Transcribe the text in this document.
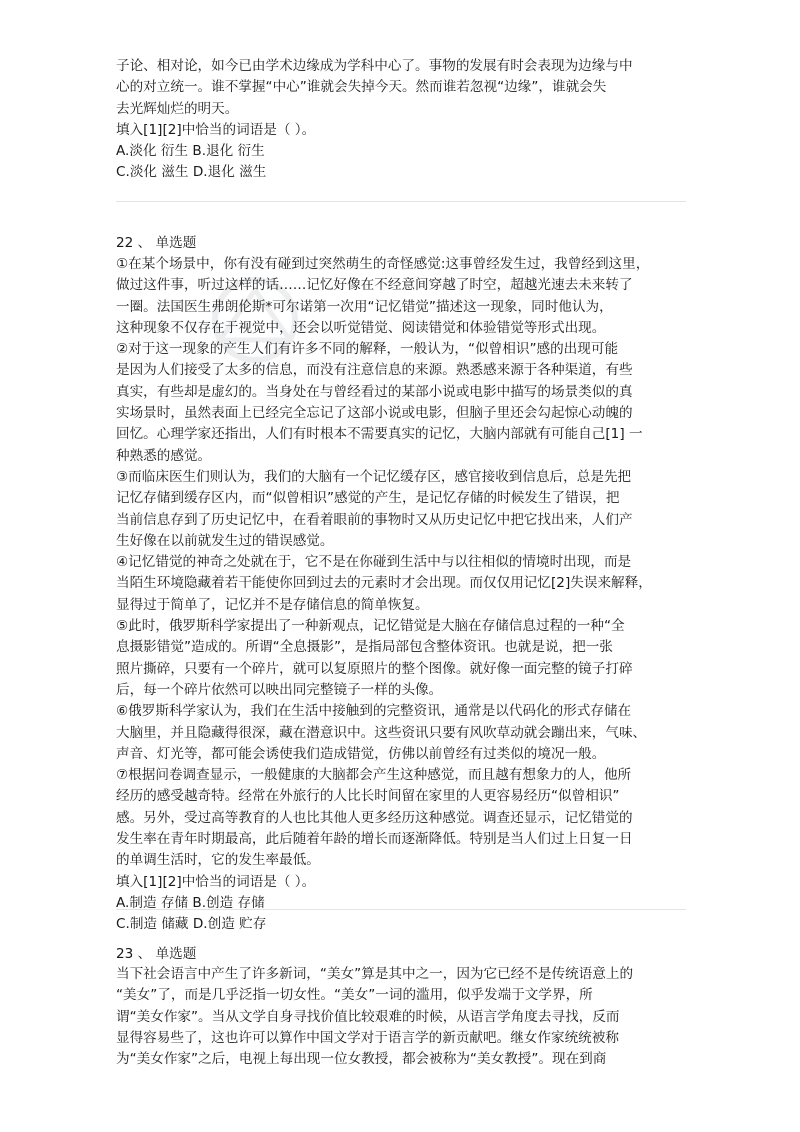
子论、相对论，如今已由学术边缘成为学科中心了。事物的发展有时会表现为边缘与中
心的对立统一。谁不掌握“中心”谁就会失掉今天。然而谁若忽视“边缘”，谁就会失
去光辉灿烂的明天。
填入[1][2]中恰当的词语是（ ）。
A.淡化 衍生 B.退化 衍生
C.淡化 滋生 D.退化 滋生
22 、 单选题
①在某个场景中，你有没有碰到过突然萌生的奇怪感觉:这事曾经发生过，我曾经到这里，
做过这件事，听过这样的话……记忆好像在不经意间穿越了时空，超越光速去未来转了
一圈。法国医生弗朗伦斯*可尔诺第一次用“记忆错觉”描述这一现象，同时他认为，
这种现象不仅存在于视觉中，还会以听觉错觉、阅读错觉和体验错觉等形式出现。
②对于这一现象的产生人们有许多不同的解释，一般认为，“似曾相识”感的出现可能
是因为人们接受了太多的信息，而没有注意信息的来源。熟悉感来源于各种渠道，有些
真实，有些却是虚幻的。当身处在与曾经看过的某部小说或电影中描写的场景类似的真
实场景时，虽然表面上已经完全忘记了这部小说或电影，但脑子里还会勾起惊心动魄的
回忆。心理学家还指出，人们有时根本不需要真实的记忆，大脑内部就有可能自己[1] 一
种熟悉的感觉。
③而临床医生们则认为，我们的大脑有一个记忆缓存区，感官接收到信息后，总是先把
记忆存储到缓存区内，而“似曾相识”感觉的产生，是记忆存储的时候发生了错误，把
当前信息存到了历史记忆中，在看着眼前的事物时又从历史记忆中把它找出来，人们产
生好像在以前就发生过的错误感觉。
④记忆错觉的神奇之处就在于，它不是在你碰到生活中与以往相似的情境时出现，而是
当陌生环境隐藏着若干能使你回到过去的元素时才会出现。而仅仅用记忆[2]失误来解释，
显得过于简单了，记忆并不是存储信息的简单恢复。
⑤此时，俄罗斯科学家提出了一种新观点，记忆错觉是大脑在存储信息过程的一种“全
息摄影错觉”造成的。所谓“全息摄影”，是指局部包含整体资讯。也就是说，把一张
照片撕碎，只要有一个碎片，就可以复原照片的整个图像。就好像一面完整的镜子打碎
后，每一个碎片依然可以映出同完整镜子一样的头像。
⑥俄罗斯科学家认为，我们在生活中接触到的完整资讯，通常是以代码化的形式存储在
大脑里，并且隐藏得很深，藏在潜意识中。这些资讯只要有风吹草动就会蹦出来，气味、
声音、灯光等，都可能会诱使我们造成错觉，仿佛以前曾经有过类似的境况一般。
⑦根据问卷调查显示，一般健康的大脑都会产生这种感觉，而且越有想象力的人，他所
经历的感受越奇特。经常在外旅行的人比长时间留在家里的人更容易经历“似曾相识”
感。另外，受过高等教育的人也比其他人更多经历这种感觉。调查还显示，记忆错觉的
发生率在青年时期最高，此后随着年龄的增长而逐渐降低。特别是当人们过上日复一日
的单调生活时，它的发生率最低。
填入[1][2]中恰当的词语是（ ）。
A.制造 存储 B.创造 存储
C.制造 储藏 D.创造 贮存
23 、 单选题
当下社会语言中产生了许多新词，“美女”算是其中之一，因为它已经不是传统语意上的
“美女”了，而是几乎泛指一切女性。“美女”一词的滥用，似乎发端于文学界，所
谓“美女作家”。当从文学自身寻找价值比较艰难的时候，从语言学角度去寻找，反而
显得容易些了，这也许可以算作中国文学对于语言学的新贡献吧。继女作家统统被称
为“美女作家”之后，电视上每出现一位女教授，都会被称为“美女教授”。现在到商
